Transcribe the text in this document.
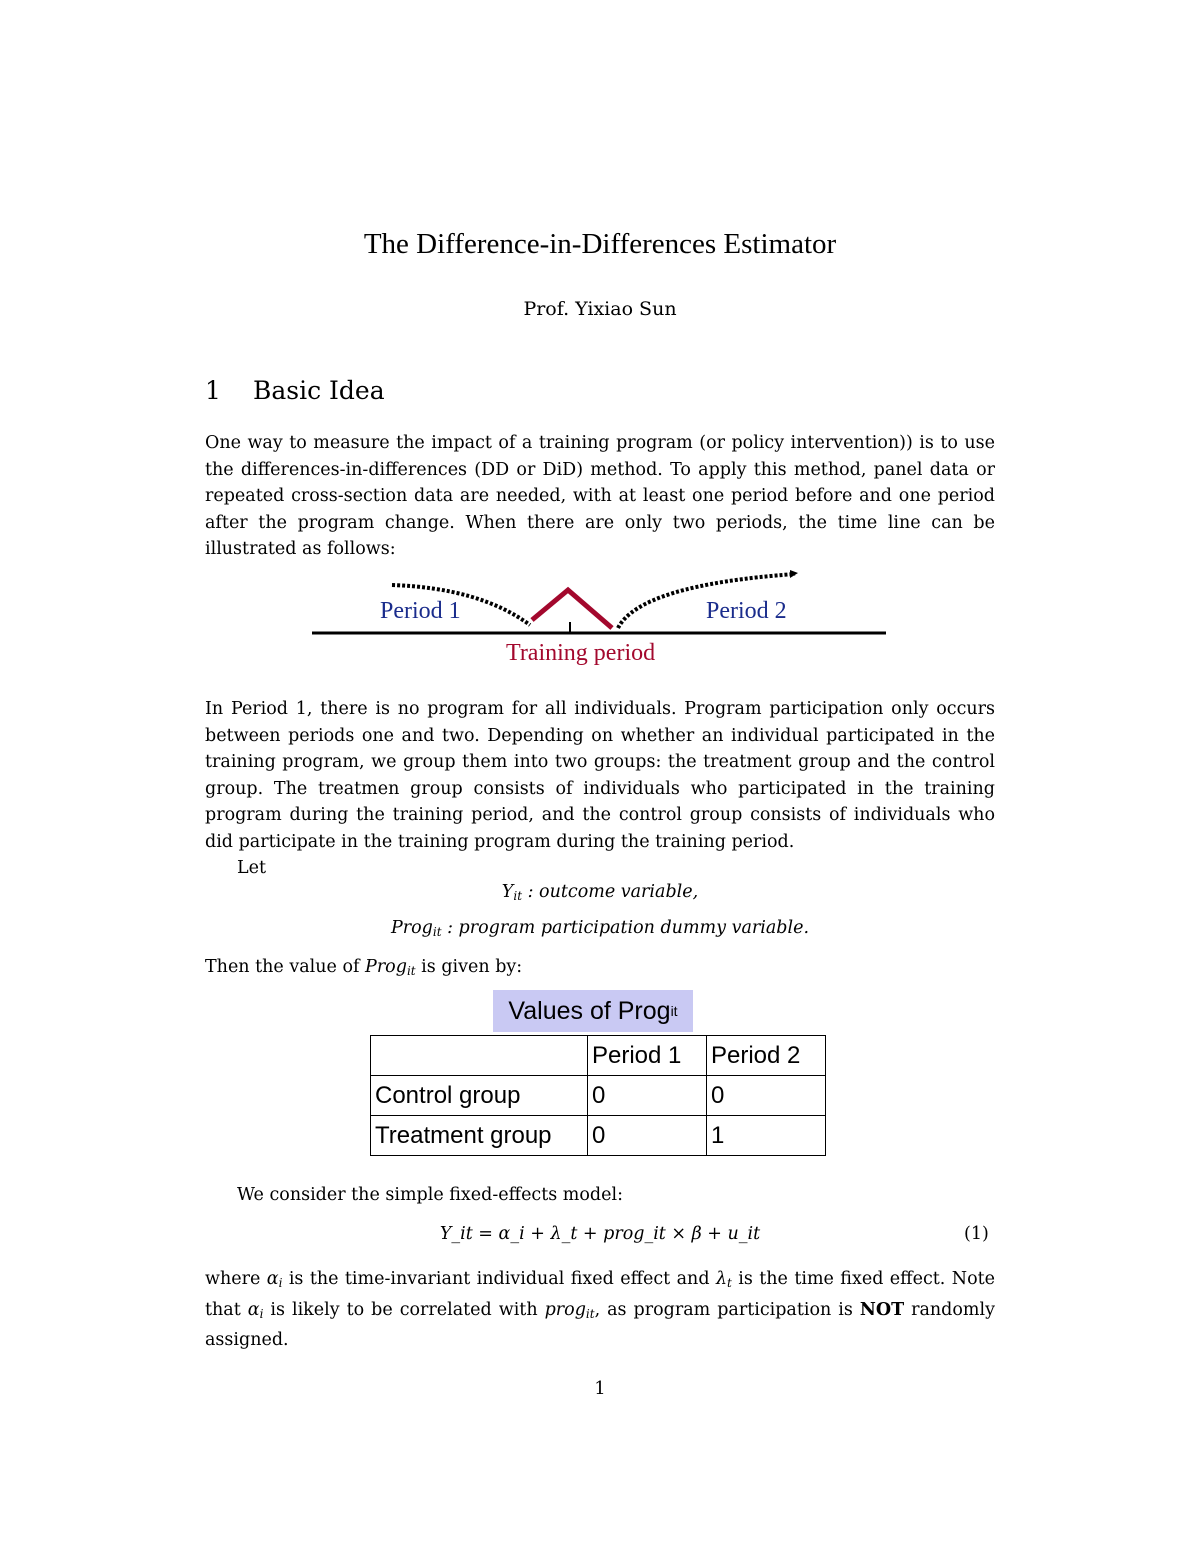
The Difference-in-Differences Estimator
Prof. Yixiao Sun
1 Basic Idea

One way to measure the impact of a training program (or policy intervention)) is to use the differences-in-differences (DD or DiD) method. To apply this method, panel data or repeated cross-section data are needed, with at least one period before and one period after the program change. When there are only two periods, the time line can be illustrated as follows:

Period 1	Period 2
Training period

In Period 1, there is no program for all individuals. Program participation only occurs between periods one and two. Depending on whether an individual participated in the training program, we group them into two groups: the treatment group and the control group. The treatmen group consists of individuals who participated in the training program during the training period, and the control group consists of individuals who did participate in the training program during the training period.

Let

$Y_{it}$ : outcome variable,
Prog$_{it}$ : program participation dummy variable.
Then the value of Prog$_{it}$ is given by:
Values of Prog it
	Period 1	Period 2
Control group	0	0
Treatment group	0	1
We consider the simple fixed-effects model:
Y_it = α_i + λ_t + prog_it × β + u_it	(1)
where $\alpha_i$ is the time-invariant individual fixed effect and $\lambda_t$ is the time fixed effect. Note that $\alpha_i$ is likely to be correlated with prog$_{it}$, as program participation is NOT randomly assigned.
1
